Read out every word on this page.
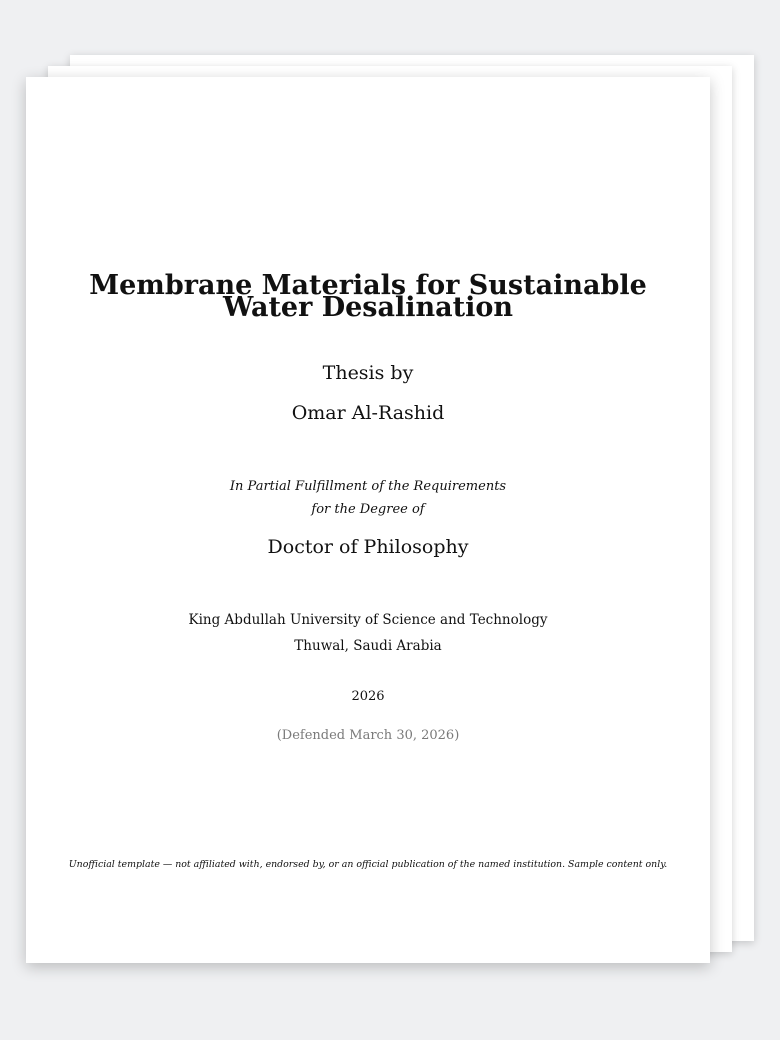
Membrane Materials for Sustainable
Water Desalination
Thesis by
Omar Al-Rashid
In Partial Fulfillment of the Requirements
for the Degree of
Doctor of Philosophy
King Abdullah University of Science and Technology
Thuwal, Saudi Arabia
2026
(Defended March 30, 2026)
Unofficial template — not affiliated with, endorsed by, or an official publication of the named institution. Sample content only.
